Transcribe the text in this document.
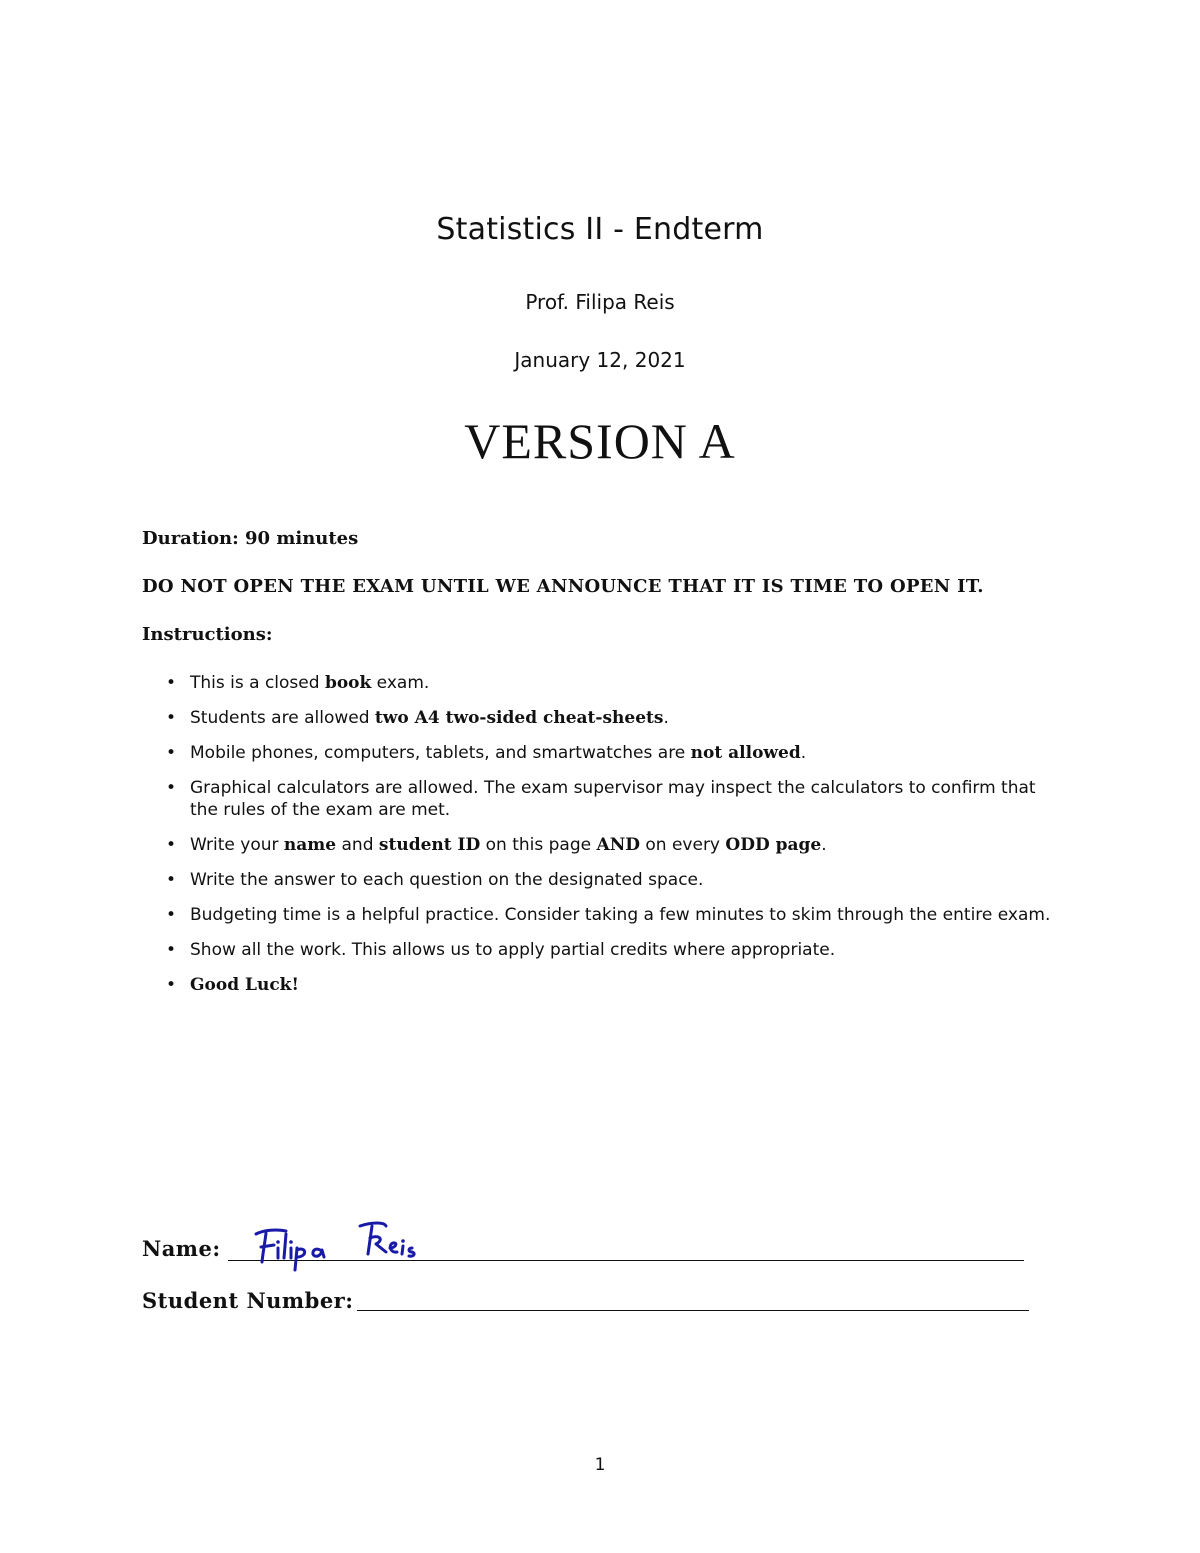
Statistics II - Endterm
Prof. Filipa Reis
January 12, 2021
VERSION A
Duration: 90 minutes
DO NOT OPEN THE EXAM UNTIL WE ANNOUNCE THAT IT IS TIME TO OPEN IT.
Instructions:
• This is a closed book exam.
• Students are allowed two A4 two-sided cheat-sheets.
• Mobile phones, computers, tablets, and smartwatches are not allowed.
• Graphical calculators are allowed. The exam supervisor may inspect the calculators to confirm that the rules of the exam are met.
• Write your name and student ID on this page AND on every ODD page.
• Write the answer to each question on the designated space.
• Budgeting time is a helpful practice. Consider taking a few minutes to skim through the entire exam.
• Show all the work. This allows us to apply partial credits where appropriate.
• Good Luck!
Name:
Student Number:
1
